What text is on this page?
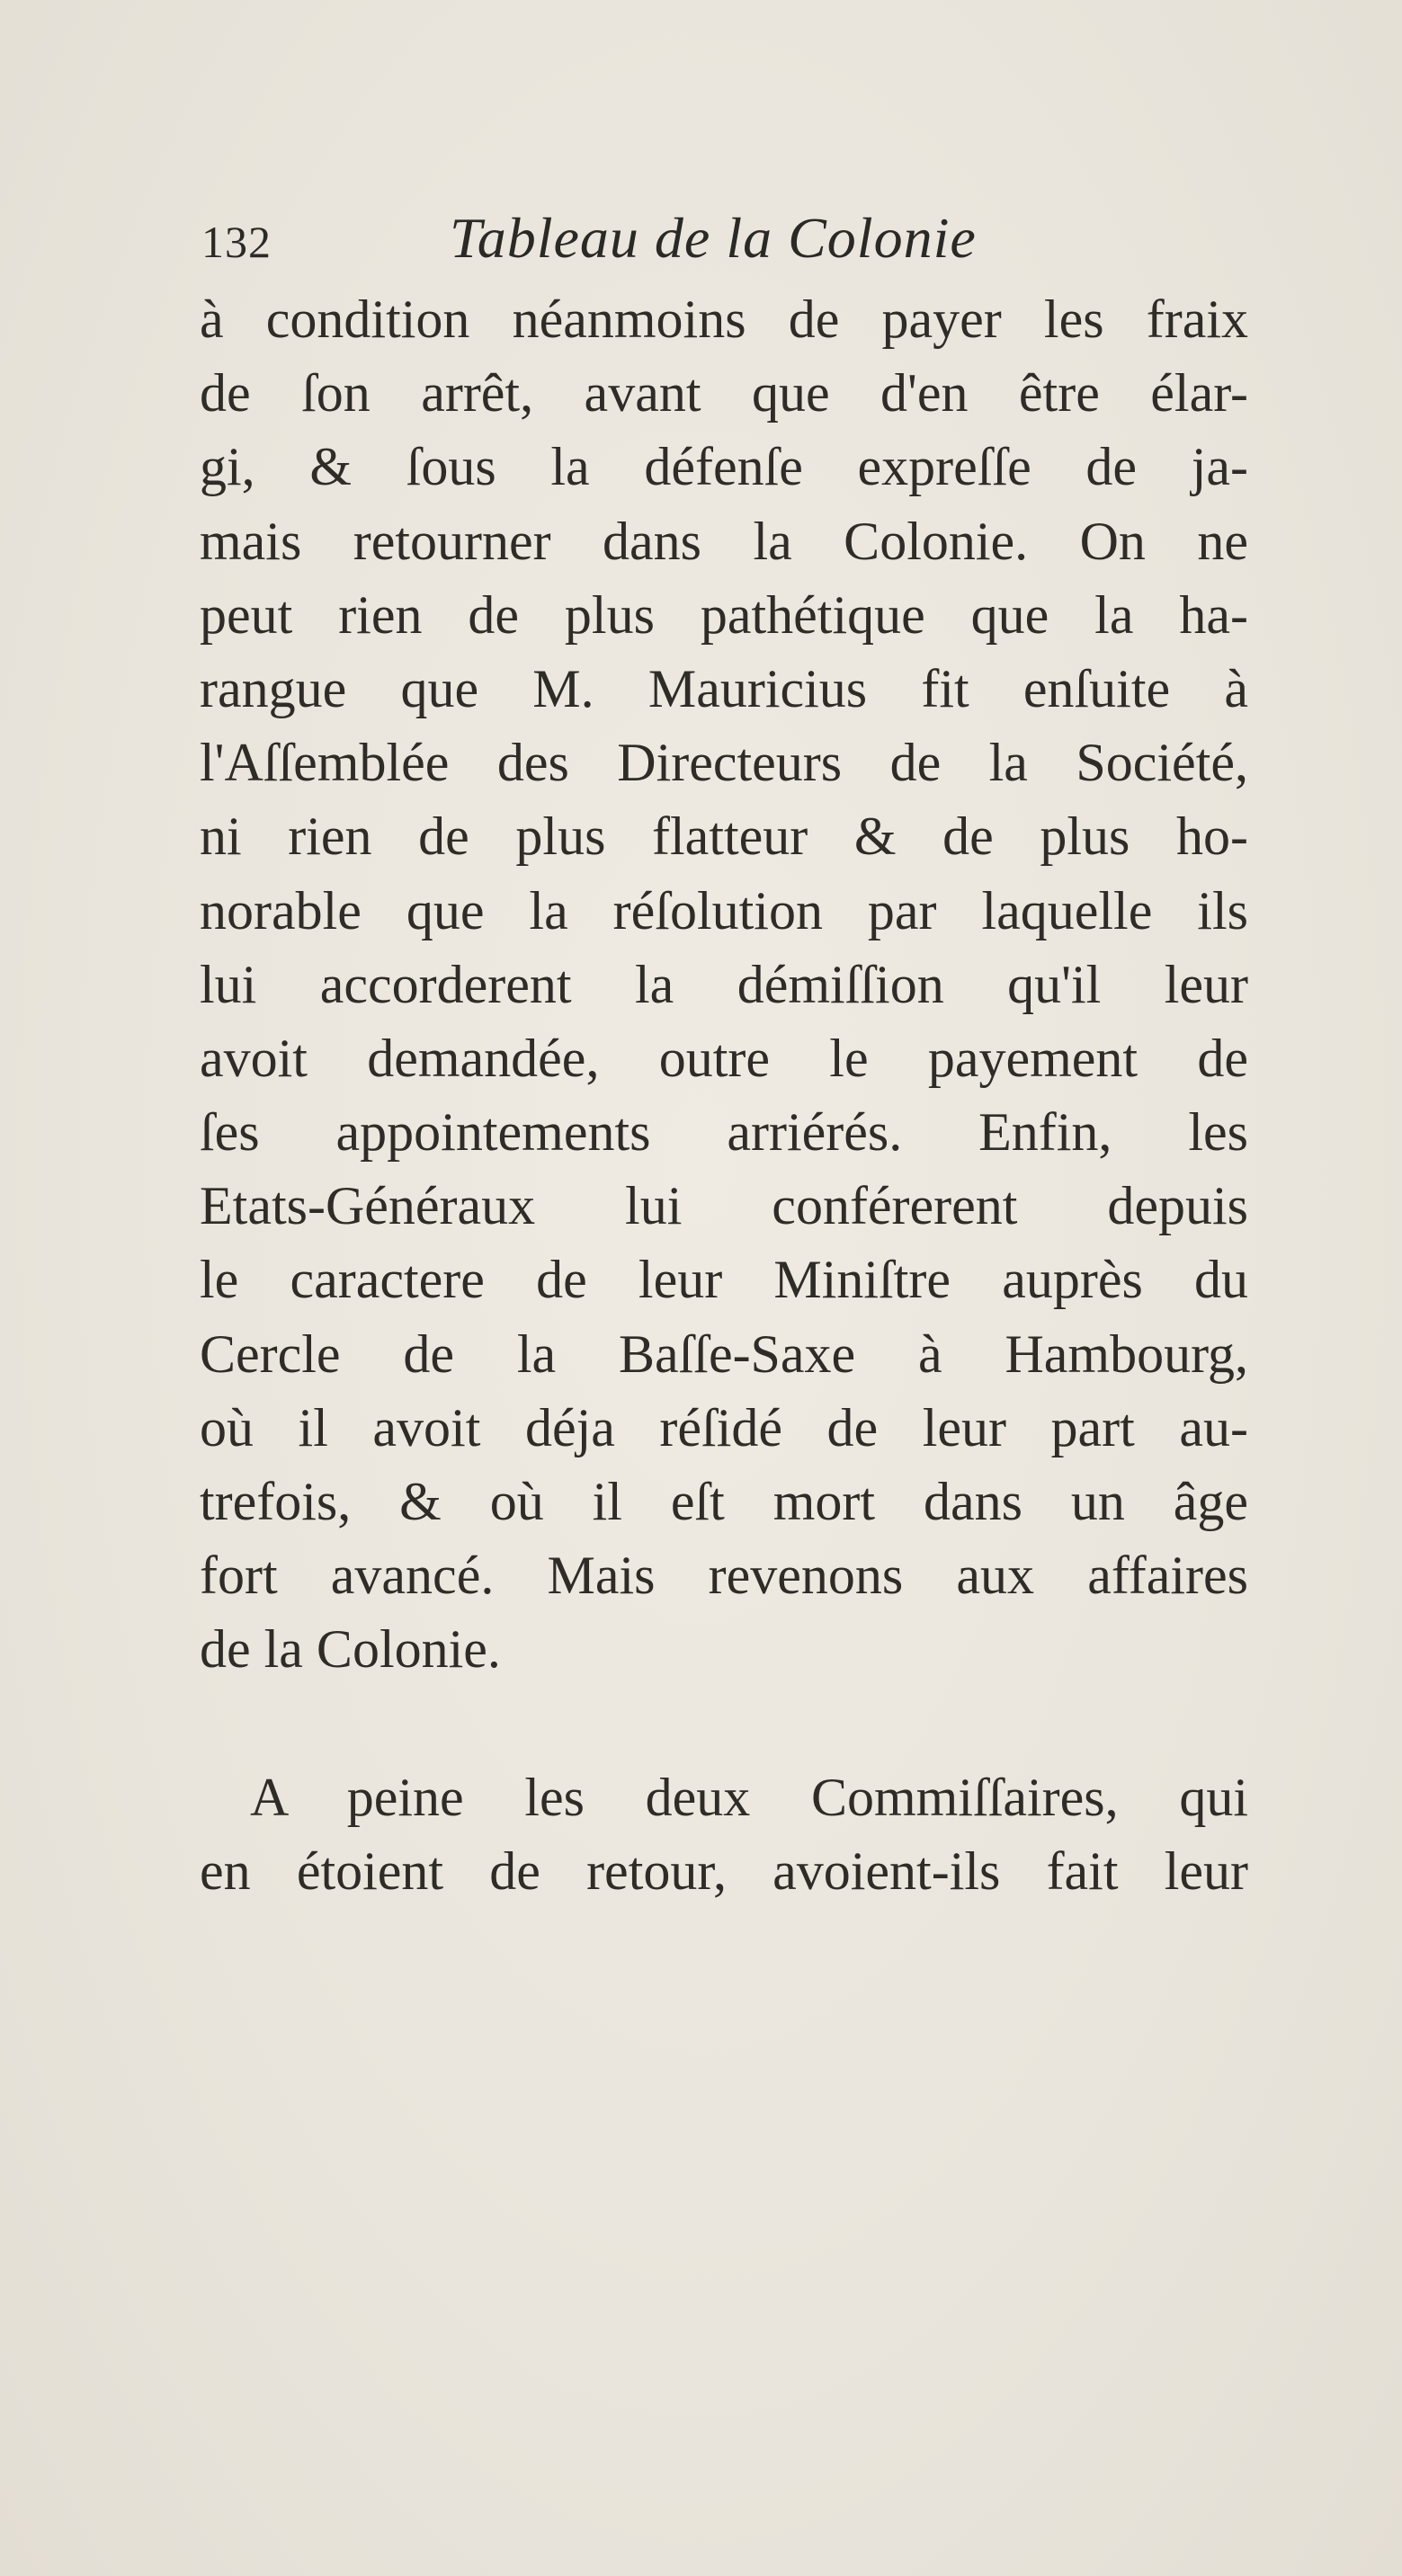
132	Tableau de la Colonie
à condition néanmoins de payer les fraix
de ſon arrêt, avant que d'en être élar-
gi, & ſous la défenſe expreſſe de ja-
mais retourner dans la Colonie. On ne
peut rien de plus pathétique que la ha-
rangue que M. Mauricius fit enſuite à
l'Aſſemblée des Directeurs de la Société,
ni rien de plus flatteur & de plus ho-
norable que la réſolution par laquelle ils
lui accorderent la démiſſion qu'il leur
avoit demandée, outre le payement de
ſes appointements arriérés. Enfin, les
Etats-Généraux lui conférerent depuis
le caractere de leur Miniſtre auprès du
Cercle de la Baſſe-Saxe à Hambourg,
où il avoit déja réſidé de leur part au-
trefois, & où il eſt mort dans un âge
fort avancé. Mais revenons aux affaires
de la Colonie.
A peine les deux Commiſſaires, qui
en étoient de retour, avoient-ils fait leur
